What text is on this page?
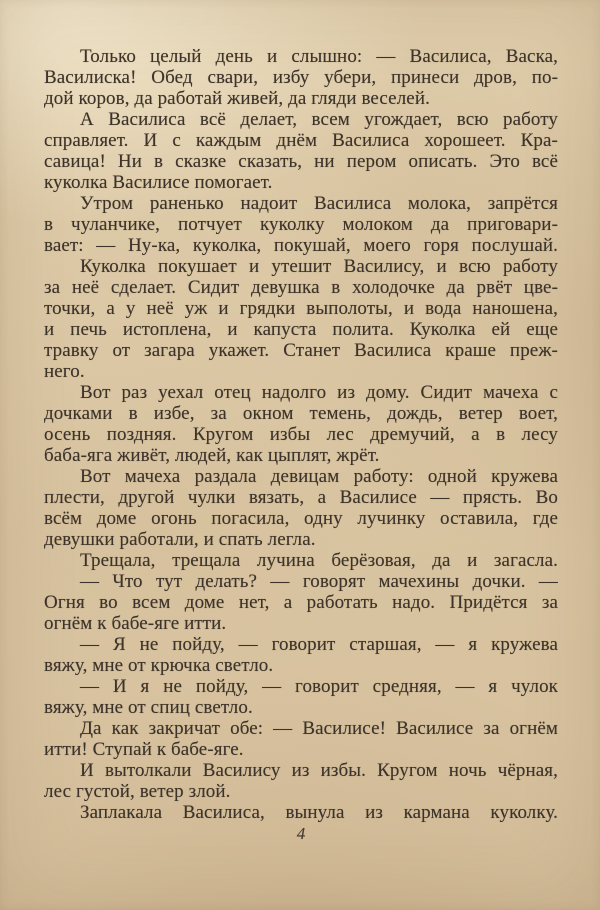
Только целый день и слышно: — Василиса, Васка,
Василиска! Обед свари, избу убери, принеси дров, по-
дой коров, да работай живей, да гляди веселей.
А Василиса всё делает, всем угождает, всю работу
справляет. И с каждым днём Василиса хорошеет. Кра-
савица! Ни в сказке сказать, ни пером описать. Это всё
куколка Василисе помогает.
Утром раненько надоит Василиса молока, запрётся
в чуланчике, потчует куколку молоком да приговари-
вает: — Ну-ка, куколка, покушай, моего горя послушай.
Куколка покушает и утешит Василису, и всю работу
за неё сделает. Сидит девушка в холодочке да рвёт цве-
точки, а у неё уж и грядки выполоты, и вода наношена,
и печь истоплена, и капуста полита. Куколка ей еще
травку от загара укажет. Станет Василиса краше преж-
него.
Вот раз уехал отец надолго из дому. Сидит мачеха с
дочками в избе, за окном темень, дождь, ветер воет,
осень поздняя. Кругом избы лес дремучий, а в лесу
баба-яга живёт, людей, как цыплят, жрёт.
Вот мачеха раздала девицам работу: одной кружева
плести, другой чулки вязать, а Василисе — прясть. Во
всём доме огонь погасила, одну лучинку оставила, где
девушки работали, и спать легла.
Трещала, трещала лучина берёзовая, да и загасла.
— Что тут делать? — говорят мачехины дочки. —
Огня во всем доме нет, а работать надо. Придётся за
огнём к бабе-яге итти.
— Я не пойду, — говорит старшая, — я кружева
вяжу, мне от крючка светло.
— И я не пойду, — говорит средняя, — я чулок
вяжу, мне от спиц светло.
Да как закричат обе: — Василисе! Василисе за огнём
итти! Ступай к бабе-яге.
И вытолкали Василису из избы. Кругом ночь чёрная,
лес густой, ветер злой.
Заплакала Василиса, вынула из кармана куколку.
4
